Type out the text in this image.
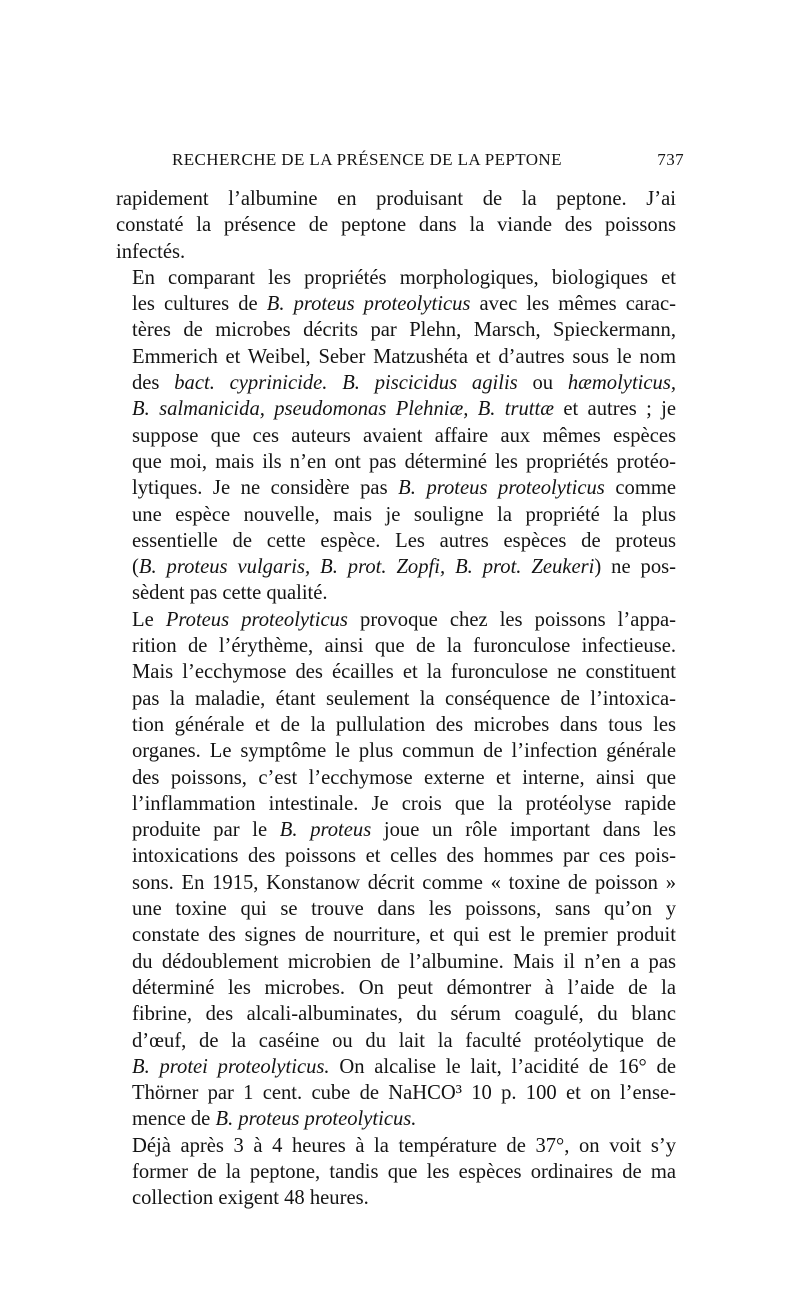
RECHERCHE DE LA PRÉSENCE DE LA PEPTONE	737
rapidement l’albumine en produisant de la peptone. J’ai
constaté la présence de peptone dans la viande des poissons
infectés.
En comparant les propriétés morphologiques, biologiques et
les cultures de B. proteus proteolyticus avec les mêmes carac-
tères de microbes décrits par Plehn, Marsch, Spieckermann,
Emmerich et Weibel, Seber Matzushéta et d’autres sous le nom
des bact. cyprinicide. B. piscicidus agilis ou hæmolyticus,
B. salmanicida, pseudomonas Plehniæ, B. truttæ et autres ; je
suppose que ces auteurs avaient affaire aux mêmes espèces
que moi, mais ils n’en ont pas déterminé les propriétés protéo-
lytiques. Je ne considère pas B. proteus proteolyticus comme
une espèce nouvelle, mais je souligne la propriété la plus
essentielle de cette espèce. Les autres espèces de proteus
(B. proteus vulgaris, B. prot. Zopfi, B. prot. Zeukeri) ne pos-
sèdent pas cette qualité.
Le Proteus proteolyticus provoque chez les poissons l’appa-
rition de l’érythème, ainsi que de la furonculose infectieuse.
Mais l’ecchymose des écailles et la furonculose ne constituent
pas la maladie, étant seulement la conséquence de l’intoxica-
tion générale et de la pullulation des microbes dans tous les
organes. Le symptôme le plus commun de l’infection générale
des poissons, c’est l’ecchymose externe et interne, ainsi que
l’inflammation intestinale. Je crois que la protéolyse rapide
produite par le B. proteus joue un rôle important dans les
intoxications des poissons et celles des hommes par ces pois-
sons. En 1915, Konstanow décrit comme « toxine de poisson »
une toxine qui se trouve dans les poissons, sans qu’on y
constate des signes de nourriture, et qui est le premier produit
du dédoublement microbien de l’albumine. Mais il n’en a pas
déterminé les microbes. On peut démontrer à l’aide de la
fibrine, des alcali-albuminates, du sérum coagulé, du blanc
d’œuf, de la caséine ou du lait la faculté protéolytique de
B. protei proteolyticus. On alcalise le lait, l’acidité de 16° de
Thörner par 1 cent. cube de NaHCO³ 10 p. 100 et on l’ense-
mence de B. proteus proteolyticus.
Déjà après 3 à 4 heures à la température de 37°, on voit s’y
former de la peptone, tandis que les espèces ordinaires de ma
collection exigent 48 heures.
